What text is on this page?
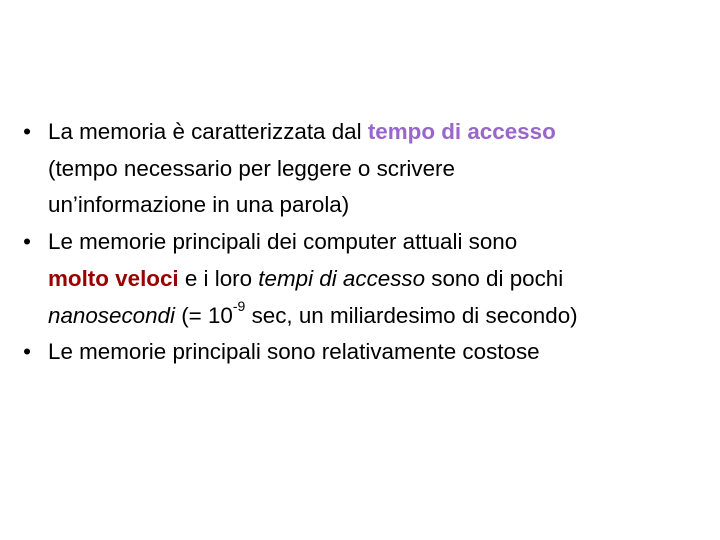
• La memoria è caratterizzata dal tempo di accesso
(tempo necessario per leggere o scrivere
un’informazione in una parola)
• Le memorie principali dei computer attuali sono
molto veloci e i loro tempi di accesso sono di pochi
nanosecondi (= $10^{-9}$ sec, un miliardesimo di secondo)
• Le memorie principali sono relativamente costose
